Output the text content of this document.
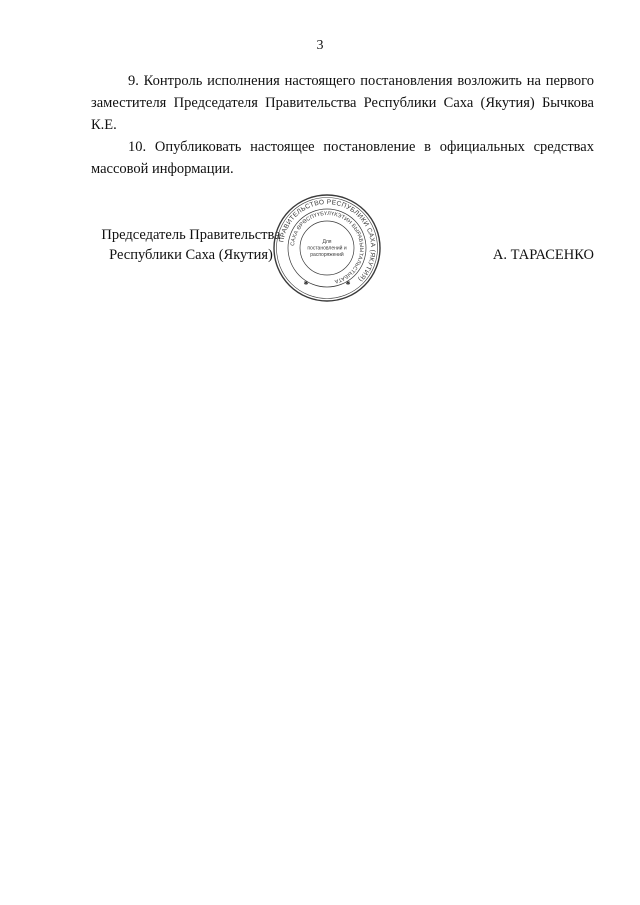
3

9. Контроль исполнения настоящего постановления возложить на первого заместителя Председателя Правительства Республики Саха (Якутия) Бычкова К.Е.

10. Опубликовать настоящее постановление в официальных средствах массовой информации.

Председатель Правительства
Республики Саха (Якутия)	А. ТАРАСЕНКО
ПРАВИТЕЛЬСТВО РЕСПУБЛИКИ САХА (ЯКУТИЯ)
САХА ӨРӨСПҮҮБҮЛҮКЭТИН БЫРАБЫЫТАЛЬСТЫБАТА
Для
постановлений и
распоряжений
✱	✱
